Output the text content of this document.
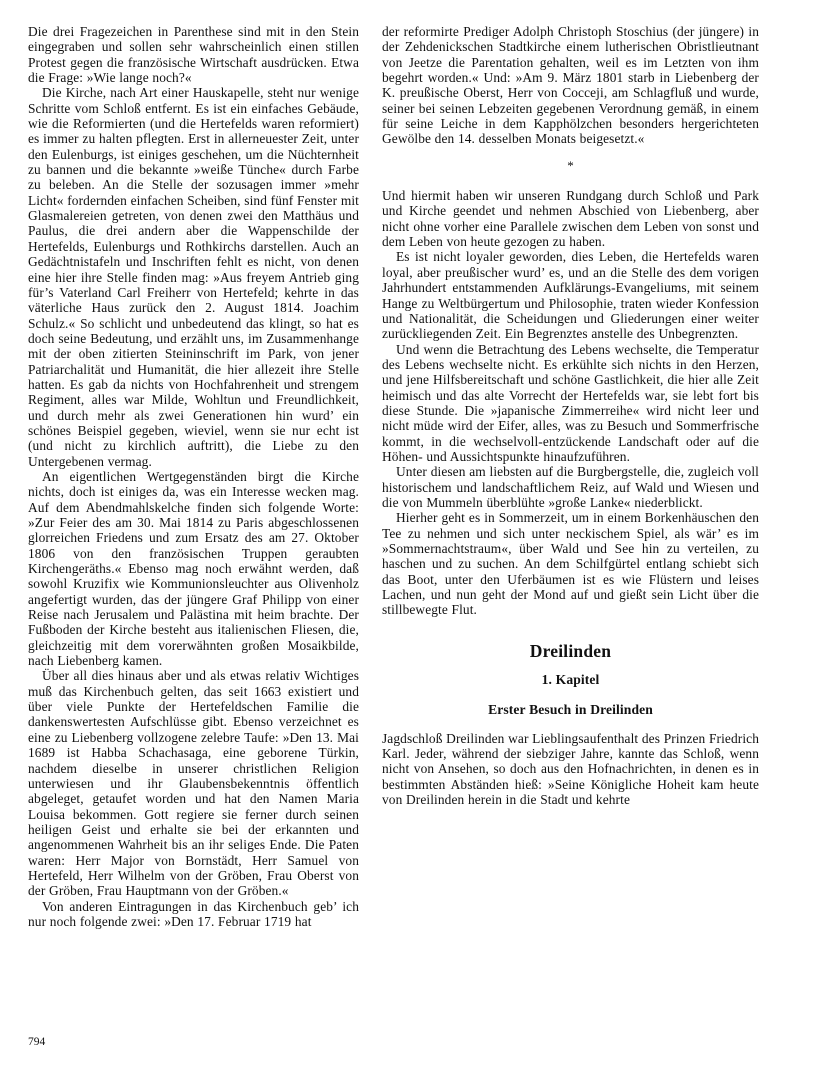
Die drei Fragezeichen in Parenthese sind mit in den Stein eingegraben und sollen sehr wahrscheinlich einen stillen Protest gegen die französische Wirtschaft ausdrücken. Etwa die Frage: »Wie lange noch?«

Die Kirche, nach Art einer Hauskapelle, steht nur wenige Schritte vom Schloß entfernt. Es ist ein einfaches Gebäude, wie die Reformierten (und die Hertefelds waren reformiert) es immer zu halten pflegten. Erst in allerneuester Zeit, unter den Eulenburgs, ist einiges geschehen, um die Nüchternheit zu bannen und die bekannte »weiße Tünche« durch Farbe zu beleben. An die Stelle der sozusagen immer »mehr Licht« fordernden einfachen Scheiben, sind fünf Fenster mit Glasmalereien getreten, von denen zwei den Matthäus und Paulus, die drei andern aber die Wappenschilde der Hertefelds, Eulenburgs und Rothkirchs darstellen. Auch an Gedächtnistafeln und Inschriften fehlt es nicht, von denen eine hier ihre Stelle finden mag: »Aus freyem Antrieb ging für’s Vaterland Carl Freiherr von Hertefeld; kehrte in das väterliche Haus zurück den 2. August 1814. Joachim Schulz.« So schlicht und unbedeutend das klingt, so hat es doch seine Bedeutung, und erzählt uns, im Zusammenhange mit der oben zitierten Steininschrift im Park, von jener Patriarchalität und Humanität, die hier allezeit ihre Stelle hatten. Es gab da nichts von Hochfahrenheit und strengem Regiment, alles war Milde, Wohltun und Freundlichkeit, und durch mehr als zwei Generationen hin wurd’ ein schönes Beispiel gegeben, wieviel, wenn sie nur echt ist (und nicht zu kirchlich auftritt), die Liebe zu den Untergebenen vermag.

An eigentlichen Wertgegenständen birgt die Kirche nichts, doch ist einiges da, was ein Interesse wecken mag. Auf dem Abendmahlskelche finden sich folgende Worte: »Zur Feier des am 30. Mai 1814 zu Paris abgeschlossenen glorreichen Friedens und zum Ersatz des am 27. Oktober 1806 von den französischen Truppen geraubten Kirchengeräths.« Ebenso mag noch erwähnt werden, daß sowohl Kruzifix wie Kommunionsleuchter aus Olivenholz angefertigt wurden, das der jüngere Graf Philipp von einer Reise nach Jerusalem und Palästina mit heim brachte. Der Fußboden der Kirche besteht aus italienischen Fliesen, die, gleichzeitig mit dem vorerwähnten großen Mosaikbilde, nach Liebenberg kamen.

Über all dies hinaus aber und als etwas relativ Wichtiges muß das Kirchenbuch gelten, das seit 1663 existiert und über viele Punkte der Hertefeldschen Familie die dankenswertesten Aufschlüsse gibt. Ebenso verzeichnet es eine zu Liebenberg vollzogene zelebre Taufe: »Den 13. Mai 1689 ist Habba Schachasaga, eine geborene Türkin, nachdem dieselbe in unserer christlichen Religion unterwiesen und ihr Glaubensbekenntnis öffentlich abgeleget, getaufet worden und hat den Namen Maria Louisa bekommen. Gott regiere sie ferner durch seinen heiligen Geist und erhalte sie bei der erkannten und angenommenen Wahrheit bis an ihr seliges Ende. Die Paten waren: Herr Major von Bornstädt, Herr Samuel von Hertefeld, Herr Wilhelm von der Gröben, Frau Oberst von der Gröben, Frau Hauptmann von der Gröben.«

Von anderen Eintragungen in das Kirchenbuch geb’ ich nur noch folgende zwei: »Den 17. Februar 1719 hat

der reformirte Prediger Adolph Christoph Stoschius (der jüngere) in der Zehdenickschen Stadtkirche einem lutherischen Obristlieutnant von Jeetze die Parentation gehalten, weil es im Letzten von ihm begehrt worden.« Und: »Am 9. März 1801 starb in Liebenberg der K. preußische Oberst, Herr von Cocceji, am Schlagfluß und wurde, seiner bei seinen Lebzeiten gegebenen Verordnung gemäß, in einem für seine Leiche in dem Kapphölzchen besonders hergerichteten Gewölbe den 14. desselben Monats beigesetzt.«

*

Und hiermit haben wir unseren Rundgang durch Schloß und Park und Kirche geendet und nehmen Abschied von Liebenberg, aber nicht ohne vorher eine Parallele zwischen dem Leben von sonst und dem Leben von heute gezogen zu haben.

Es ist nicht loyaler geworden, dies Leben, die Hertefelds waren loyal, aber preußischer wurd’ es, und an die Stelle des dem vorigen Jahrhundert entstammenden Aufklärungs-Evangeliums, mit seinem Hange zu Weltbürgertum und Philosophie, traten wieder Konfession und Nationalität, die Scheidungen und Gliederungen einer weiter zurückliegenden Zeit. Ein Begrenztes anstelle des Unbegrenzten.

Und wenn die Betrachtung des Lebens wechselte, die Temperatur des Lebens wechselte nicht. Es erkühlte sich nichts in den Herzen, und jene Hilfsbereitschaft und schöne Gastlichkeit, die hier alle Zeit heimisch und das alte Vorrecht der Hertefelds war, sie lebt fort bis diese Stunde. Die »japanische Zimmerreihe« wird nicht leer und nicht müde wird der Eifer, alles, was zu Besuch und Sommerfrische kommt, in die wechselvoll-entzückende Landschaft oder auf die Höhen- und Aussichtspunkte hinaufzuführen.

Unter diesen am liebsten auf die Burgbergstelle, die, zugleich voll historischem und landschaftlichem Reiz, auf Wald und Wiesen und die von Mummeln überblühte »große Lanke« niederblickt.

Hierher geht es in Sommerzeit, um in einem Borkenhäuschen den Tee zu nehmen und sich unter neckischem Spiel, als wär’ es im »Sommernachtstraum«, über Wald und See hin zu verteilen, zu haschen und zu suchen. An dem Schilfgürtel entlang schiebt sich das Boot, unter den Uferbäumen ist es wie Flüstern und leises Lachen, und nun geht der Mond auf und gießt sein Licht über die stillbewegte Flut.

Dreilinden
1. Kapitel
Erster Besuch in Dreilinden

Jagdschloß Dreilinden war Lieblingsaufenthalt des Prinzen Friedrich Karl. Jeder, während der siebziger Jahre, kannte das Schloß, wenn nicht von Ansehen, so doch aus den Hofnachrichten, in denen es in bestimmten Abständen hieß: »Seine Königliche Hoheit kam heute von Dreilinden herein in die Stadt und kehrte

794
